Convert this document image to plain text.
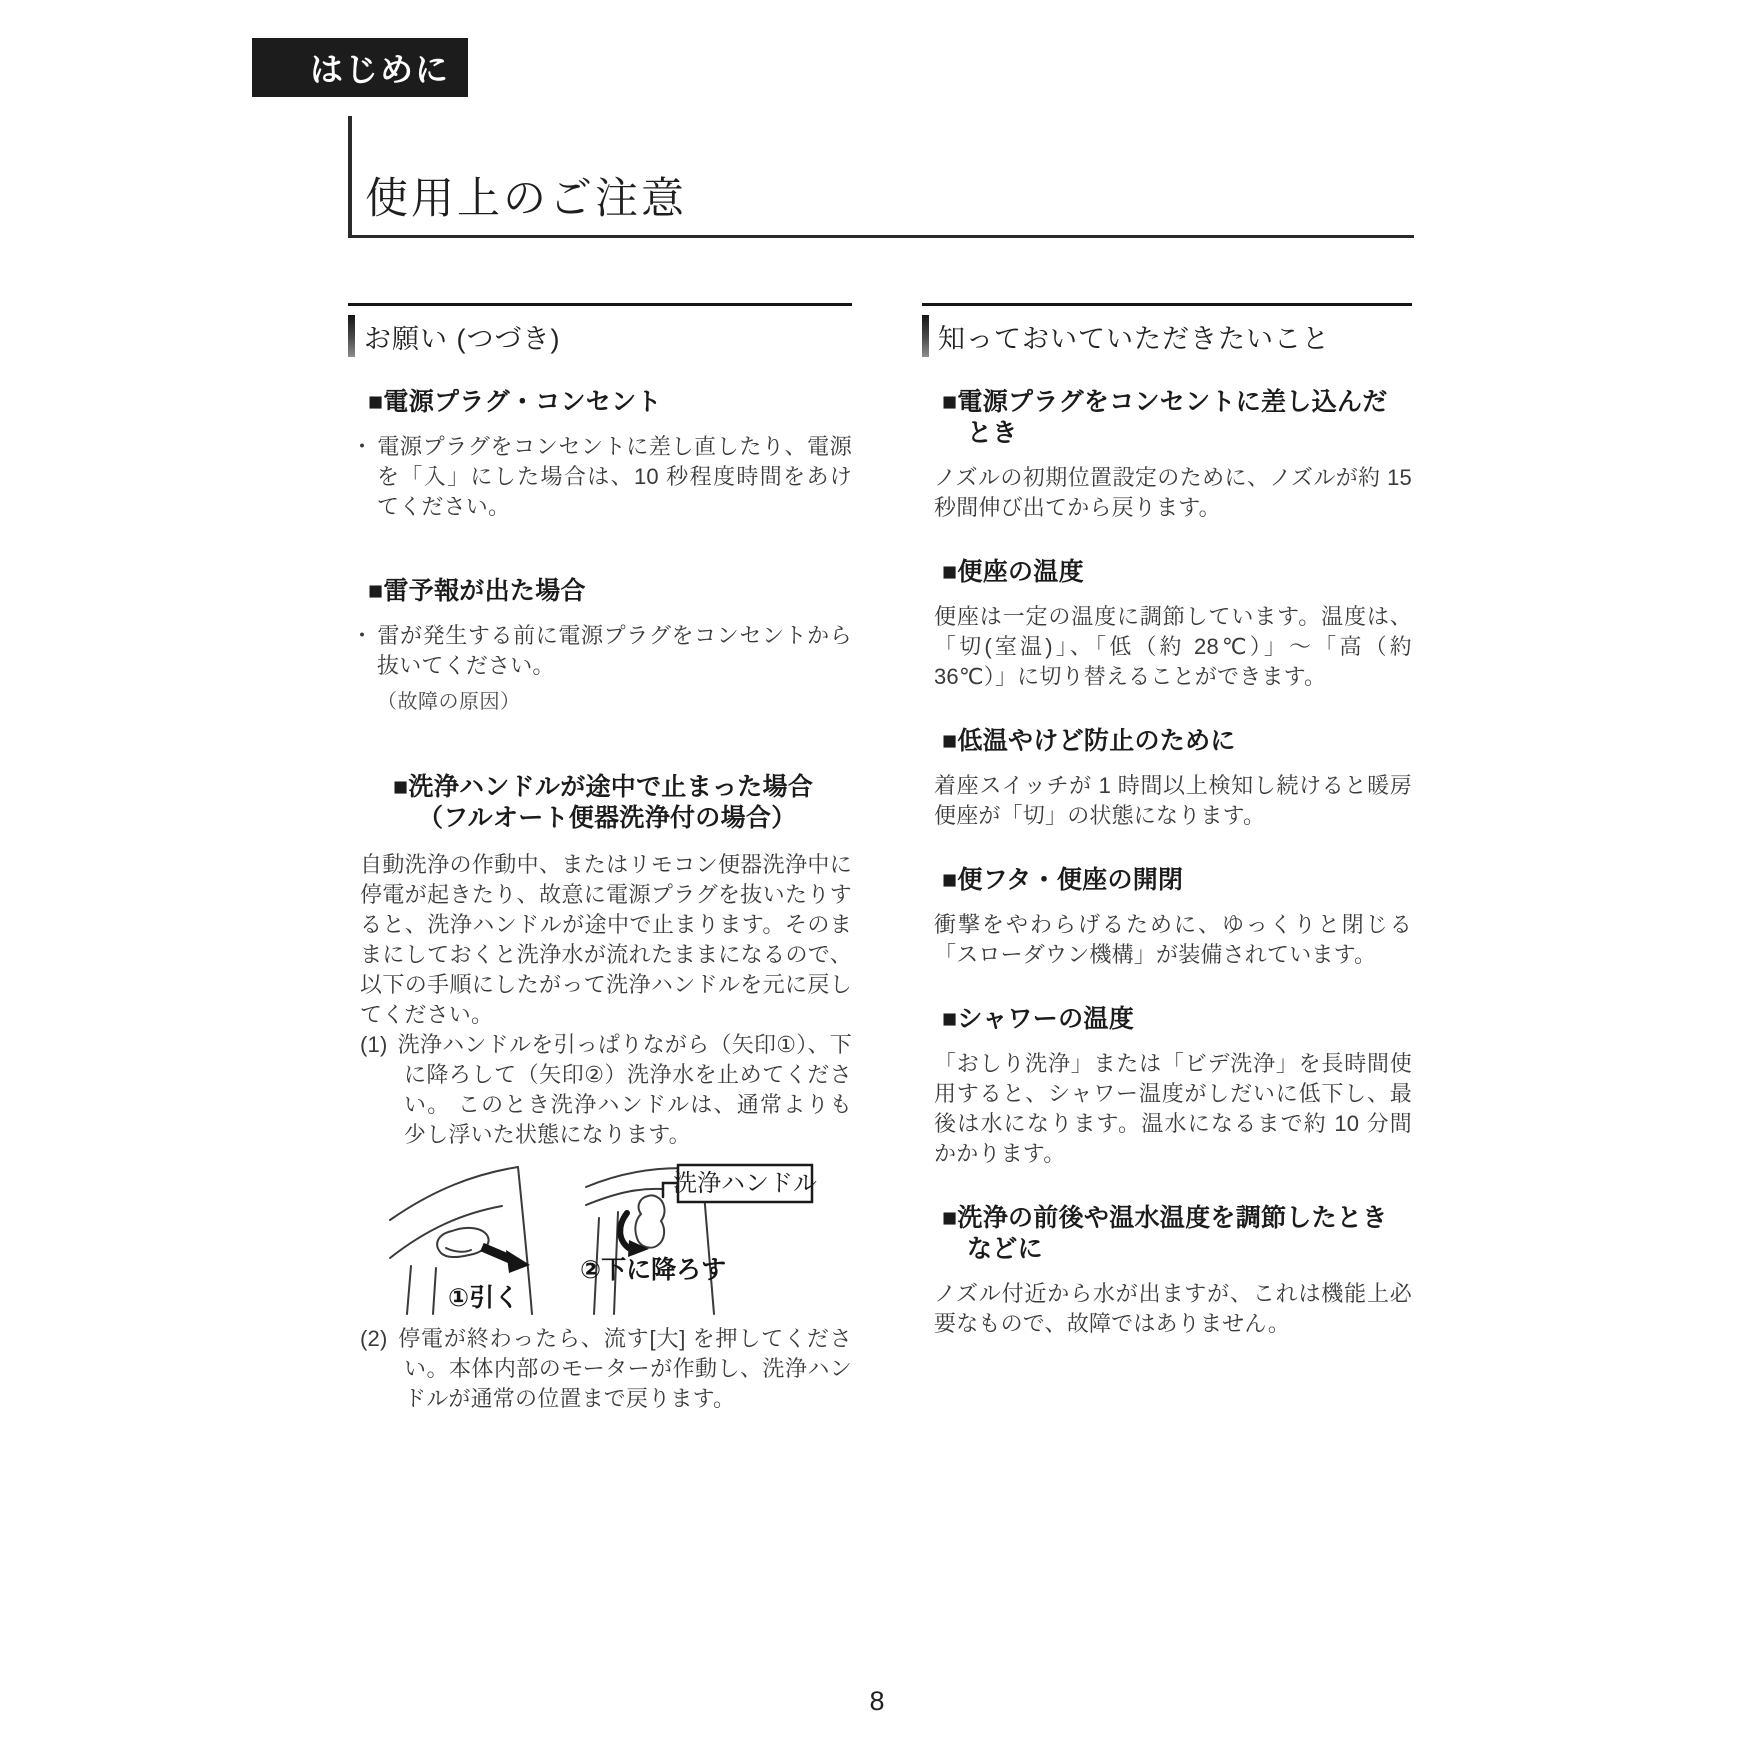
はじめに
使用上のご注意
お願い (つづき)
■電源プラグ・コンセント
・ 電源プラグをコンセントに差し直したり、電源を「入」にした場合は、10 秒程度時間をあけてください。
■雷予報が出た場合
・ 雷が発生する前に電源プラグをコンセントから抜いてください。
（故障の原因）
■洗浄ハンドルが途中で止まった場合
（フルオート便器洗浄付の場合）
自動洗浄の作動中、またはリモコン便器洗浄中に停電が起きたり、故意に電源プラグを抜いたりすると、洗浄ハンドルが途中で止まります。そのままにしておくと洗浄水が流れたままになるので、以下の手順にしたがって洗浄ハンドルを元に戻してください。
(1) 洗浄ハンドルを引っぱりながら（矢印①）、下に降ろして（矢印②）洗浄水を止めてください。 このとき洗浄ハンドルは、通常よりも少し浮いた状態になります。
洗浄ハンドル
①引く
②下に降ろす
(2) 停電が終わったら、流す[大] を押してください。本体内部のモーターが作動し、洗浄ハンドルが通常の位置まで戻ります。
知っておいていただきたいこと
■電源プラグをコンセントに差し込んだとき
ノズルの初期位置設定のために、ノズルが約 15 秒間伸び出てから戻ります。
■便座の温度
便座は一定の温度に調節しています。温度は、「切(室温)」、「低（約 28℃）」〜「高（約 36℃）」に切り替えることができます。
■低温やけど防止のために
着座スイッチが 1 時間以上検知し続けると暖房便座が「切」の状態になります。
■便フタ・便座の開閉
衝撃をやわらげるために、ゆっくりと閉じる「スローダウン機構」が装備されています。
■シャワーの温度
「おしり洗浄」または「ビデ洗浄」を長時間使用すると、シャワー温度がしだいに低下し、最後は水になります。温水になるまで約 10 分間かかります。
■洗浄の前後や温水温度を調節したときなどに
ノズル付近から水が出ますが、これは機能上必要なもので、故障ではありません。
8
